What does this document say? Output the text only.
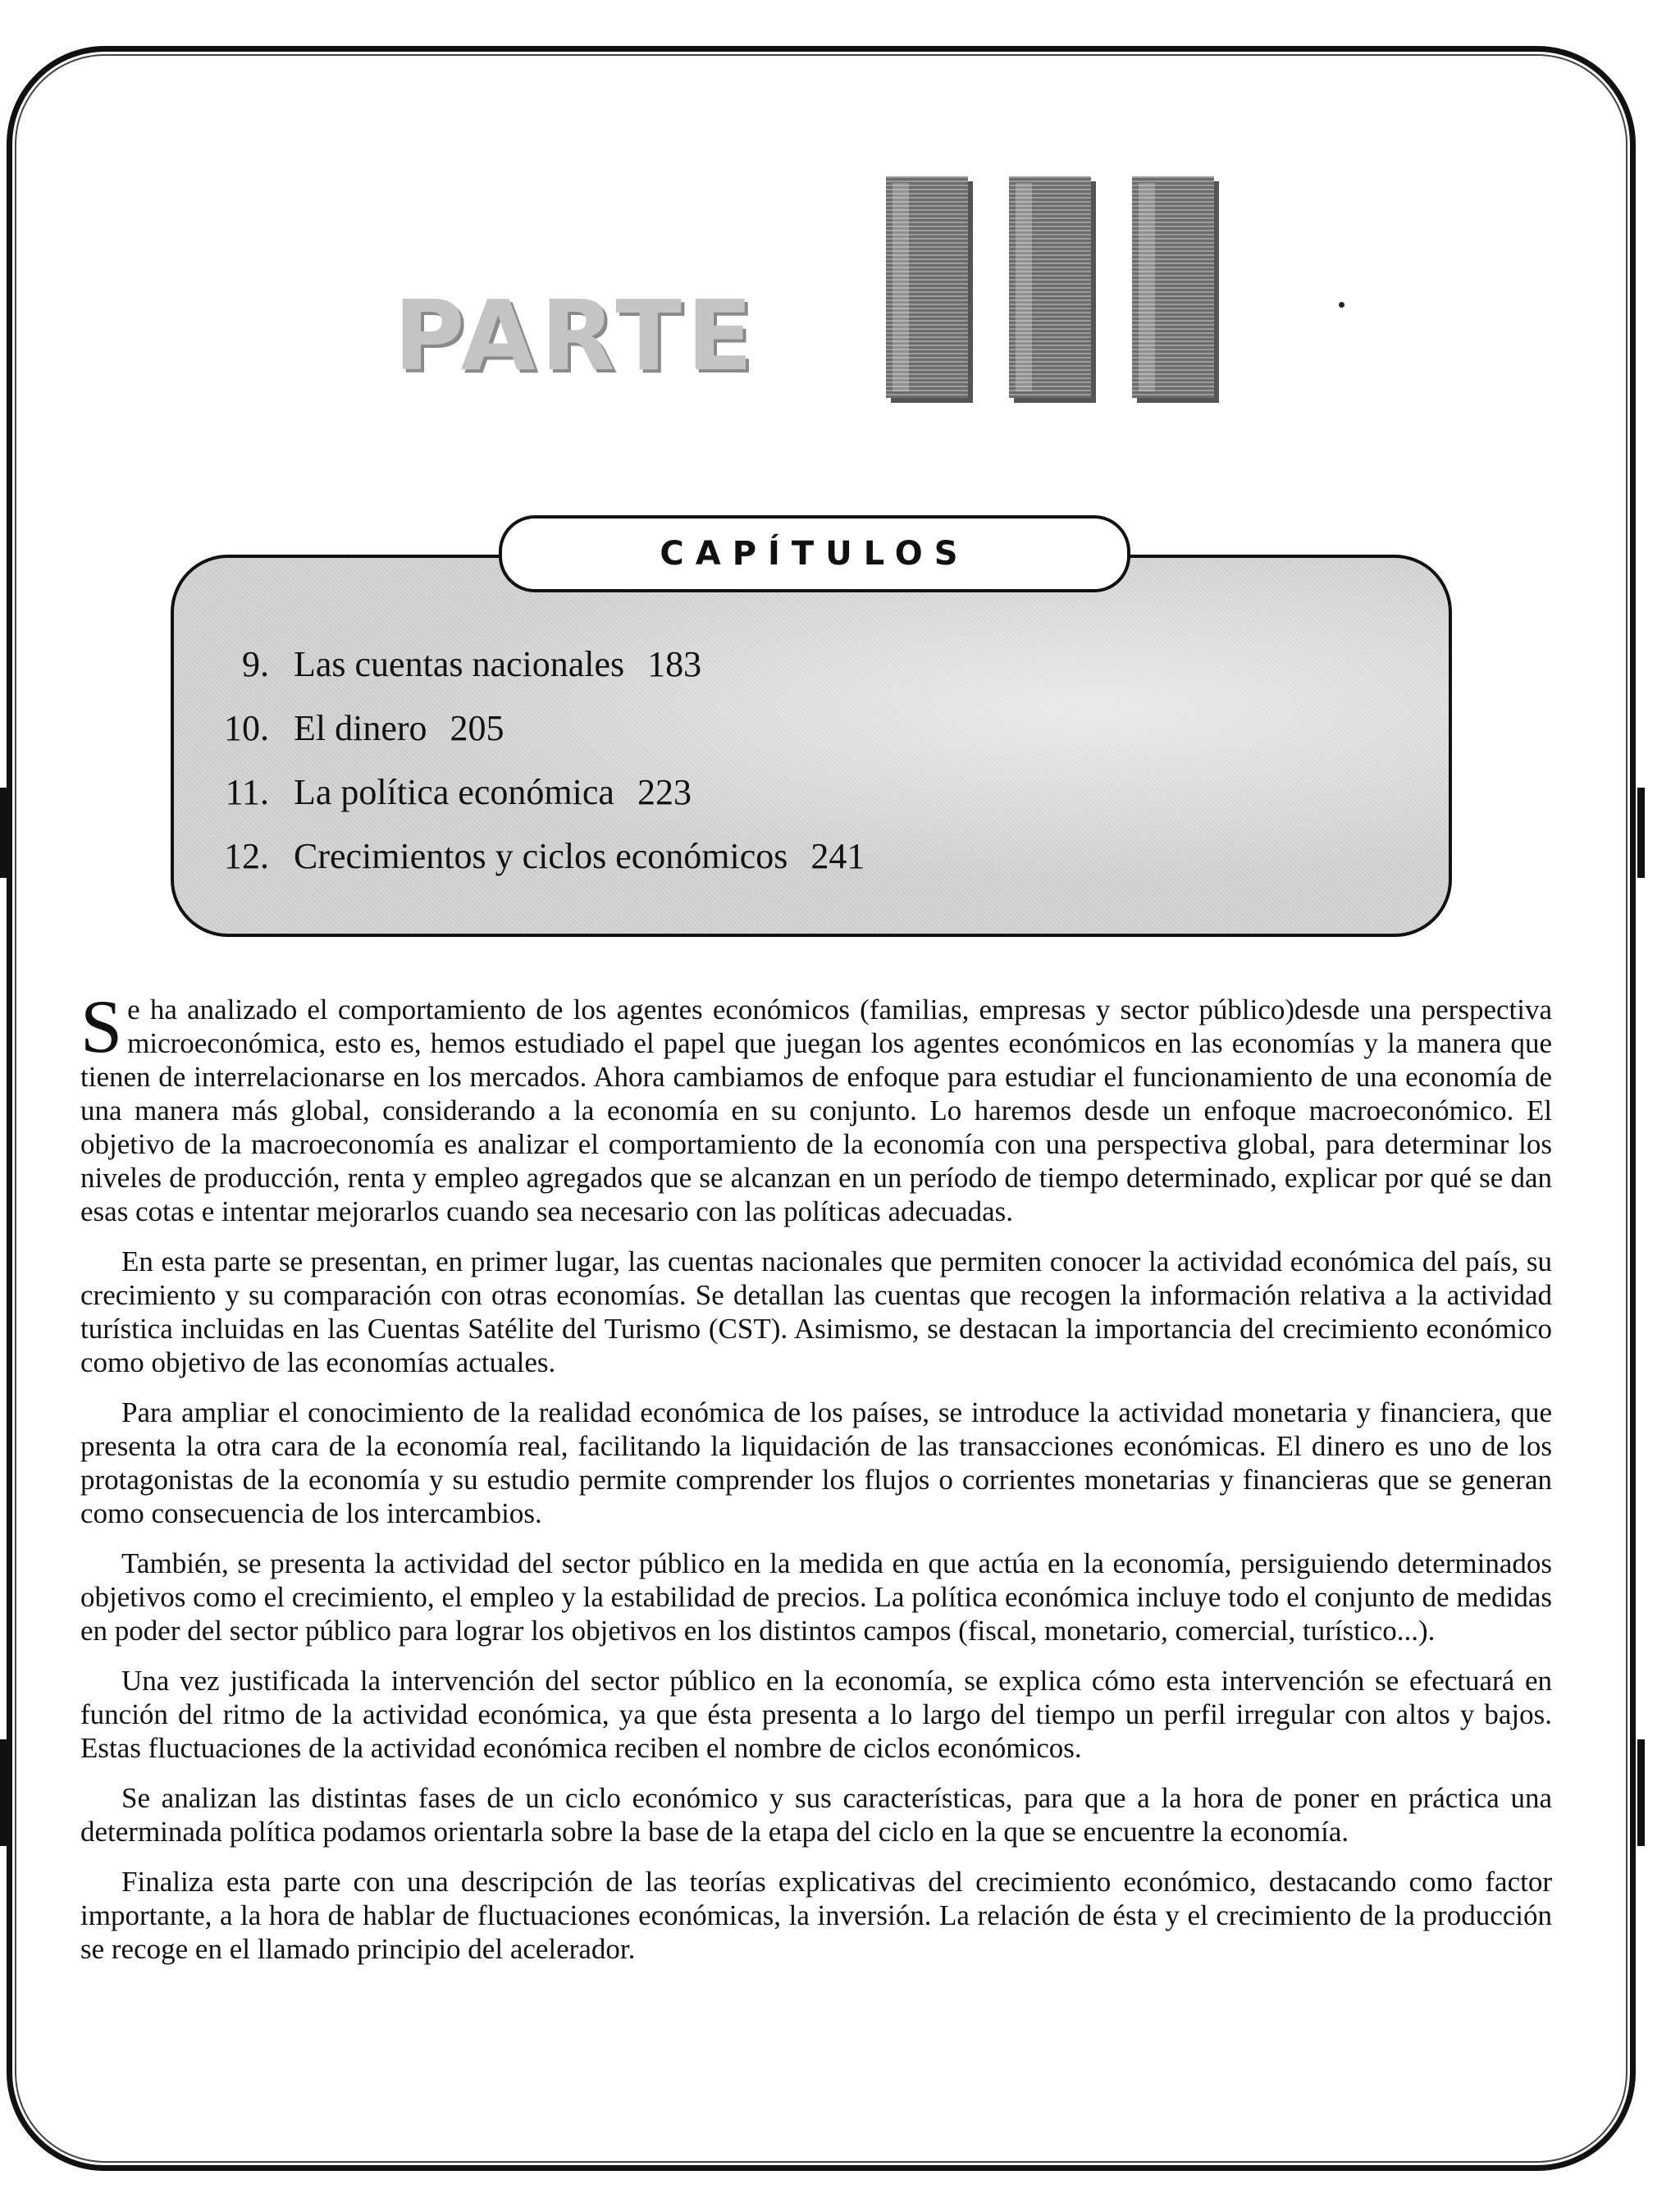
PARTE
CAPÍTULOS
9. Las cuentas nacionales 183
10. El dinero 205
11. La política económica 223
12. Crecimientos y ciclos económicos 241

Se ha analizado el comportamiento de los agentes económicos (familias, empresas y sector público)desde una perspectiva microeconómica, esto es, hemos estudiado el papel que juegan los agentes económicos en las economías y la manera que tienen de interrelacionarse en los mercados. Ahora cambiamos de enfoque para estudiar el funcionamiento de una economía de una manera más global, considerando a la economía en su conjunto. Lo haremos desde un enfoque macroeconómico. El objetivo de la macroeconomía es analizar el comportamiento de la economía con una perspectiva global, para determinar los niveles de producción, renta y empleo agregados que se alcanzan en un período de tiempo determinado, explicar por qué se dan esas cotas e intentar mejorarlos cuando sea necesario con las políticas adecuadas.

En esta parte se presentan, en primer lugar, las cuentas nacionales que permiten conocer la actividad económica del país, su crecimiento y su comparación con otras economías. Se detallan las cuentas que recogen la información relativa a la actividad turística incluidas en las Cuentas Satélite del Turismo (CST). Asimismo, se destacan la importancia del crecimiento económico como objetivo de las economías actuales.

Para ampliar el conocimiento de la realidad económica de los países, se introduce la actividad monetaria y financiera, que presenta la otra cara de la economía real, facilitando la liquidación de las transacciones económicas. El dinero es uno de los protagonistas de la economía y su estudio permite comprender los flujos o corrientes monetarias y financieras que se generan como consecuencia de los intercambios.

También, se presenta la actividad del sector público en la medida en que actúa en la economía, persiguiendo determinados objetivos como el crecimiento, el empleo y la estabilidad de precios. La política económica incluye todo el conjunto de medidas en poder del sector público para lograr los objetivos en los distintos campos (fiscal, monetario, comercial, turístico...).

Una vez justificada la intervención del sector público en la economía, se explica cómo esta intervención se efectuará en función del ritmo de la actividad económica, ya que ésta presenta a lo largo del tiempo un perfil irregular con altos y bajos. Estas fluctuaciones de la actividad económica reciben el nombre de ciclos económicos.

Se analizan las distintas fases de un ciclo económico y sus características, para que a la hora de poner en práctica una determinada política podamos orientarla sobre la base de la etapa del ciclo en la que se encuentre la economía.

Finaliza esta parte con una descripción de las teorías explicativas del crecimiento económico, destacando como factor importante, a la hora de hablar de fluctuaciones económicas, la inversión. La relación de ésta y el crecimiento de la producción se recoge en el llamado principio del acelerador.
